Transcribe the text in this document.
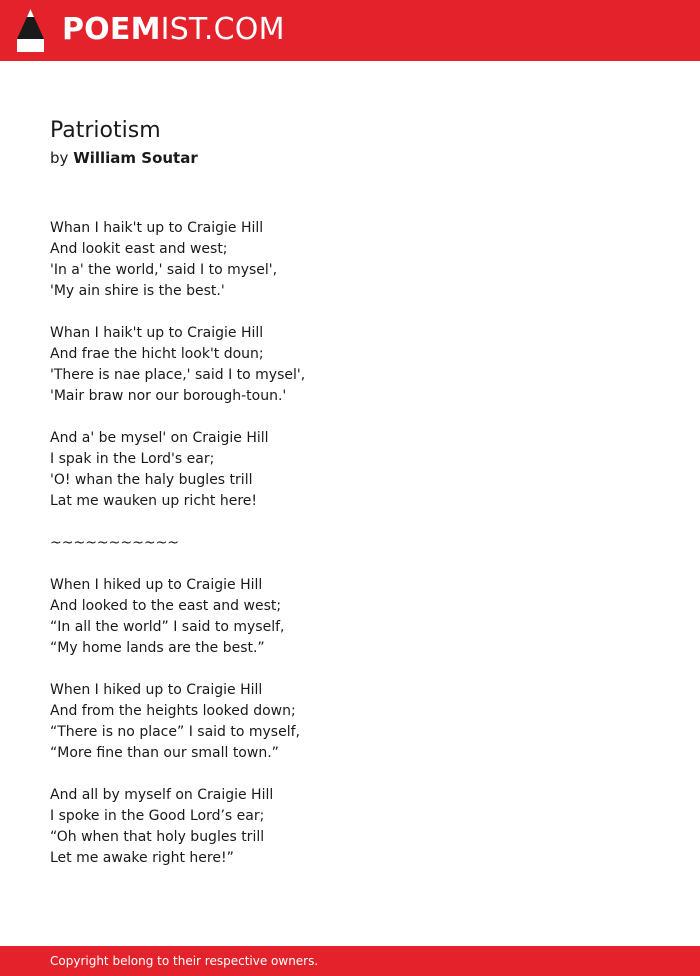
POEMIST.COM
Patriotism
by William Soutar
Whan I haik't up to Craigie Hill
And lookit east and west;
'In a' the world,' said I to mysel',
'My ain shire is the best.'
Whan I haik't up to Craigie Hill
And frae the hicht look't doun;
'There is nae place,' said I to mysel',
'Mair braw nor our borough-toun.'
And a' be mysel' on Craigie Hill
I spak in the Lord's ear;
'O! whan the haly bugles trill
Lat me wauken up richt here!
~~~~~~~~~~~
When I hiked up to Craigie Hill
And looked to the east and west;
“In all the world” I said to myself,
“My home lands are the best.”
When I hiked up to Craigie Hill
And from the heights looked down;
“There is no place” I said to myself,
“More fine than our small town.”
And all by myself on Craigie Hill
I spoke in the Good Lord’s ear;
“Oh when that holy bugles trill
Let me awake right here!”
Copyright belong to their respective owners.
